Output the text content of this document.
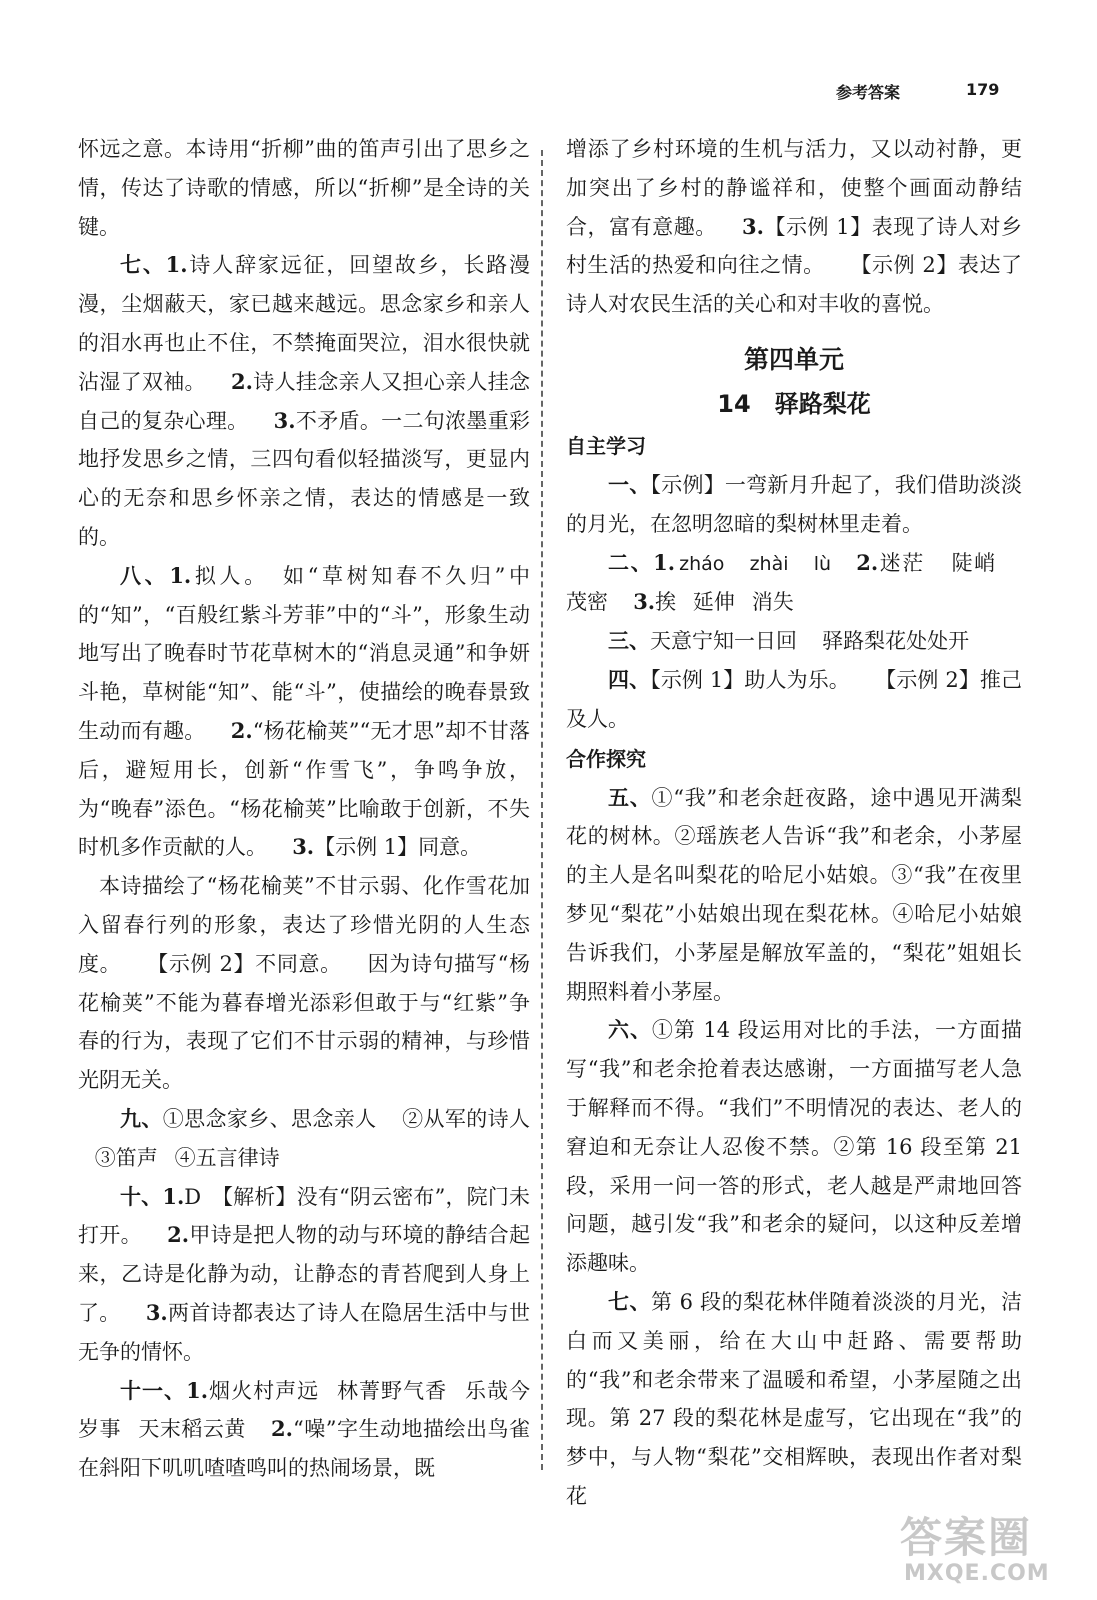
参考答案	179

怀远之意。本诗用“折柳”曲的笛声引出了思乡之情，传达了诗歌的情感，所以“折柳”是全诗的关键。

七、1.诗人辞家远征，回望故乡，长路漫漫，尘烟蔽天，家已越来越远。思念家乡和亲人的泪水再也止不住，不禁掩面哭泣，泪水很快就沾湿了双袖。 2.诗人挂念亲人又担心亲人挂念自己的复杂心理。 3.不矛盾。一二句浓墨重彩地抒发思乡之情，三四句看似轻描淡写，更显内心的无奈和思乡怀亲之情，表达的情感是一致的。

八、1.拟人。　如“草树知春不久归”中的“知”，“百般红紫斗芳菲”中的“斗”，形象生动地写出了晚春时节花草树木的“消息灵通”和争妍斗艳，草树能“知”、能“斗”，使描绘的晚春景致生动而有趣。 2.“杨花榆荚”“无才思”却不甘落后，避短用长，创新“作雪飞”，争鸣争放，为“晚春”添色。“杨花榆荚”比喻敢于创新，不失时机多作贡献的人。 3.【示例 1】同意。

本诗描绘了“杨花榆荚”不甘示弱、化作雪花加入留春行列的形象，表达了珍惜光阴的人生态度。 【示例 2】不同意。 因为诗句描写“杨花榆荚”不能为暮春增光添彩但敢于与“红紫”争春的行为，表现了它们不甘示弱的精神，与珍惜光阴无关。

九、①思念家乡、思念亲人 ②从军的诗人③笛声 ④五言律诗

十、1.D　【解析】没有“阴云密布”，院门未打开。 2.甲诗是把人物的动与环境的静结合起来，乙诗是化静为动，让静态的青苔爬到人身上了。 3.两首诗都表达了诗人在隐居生活中与世无争的情怀。

十一、1.烟火村声远 林菁野气香 乐哉今岁事 天末稻云黄 2.“噪”字生动地描绘出鸟雀在斜阳下叽叽喳喳鸣叫的热闹场景，既

增添了乡村环境的生机与活力，又以动衬静，更加突出了乡村的静谧祥和，使整个画面动静结合，富有意趣。 3.【示例 1】表现了诗人对乡村生活的热爱和向往之情。 【示例 2】表达了诗人对农民生活的关心和对丰收的喜悦。

第四单元
14 驿路梨花
自主学习

一、【示例】一弯新月升起了，我们借助淡淡的月光，在忽明忽暗的梨树林里走着。

二、1. zháo zhài lù 2.迷茫 陡峭茂密 3.挨 延伸 消失

三、天意宁知一日回 驿路梨花处处开

四、【示例 1】助人为乐。 【示例 2】推己及人。

合作探究

五、①“我”和老余赶夜路，途中遇见开满梨花的树林。②瑶族老人告诉“我”和老余，小茅屋的主人是名叫梨花的哈尼小姑娘。③“我”在夜里梦见“梨花”小姑娘出现在梨花林。④哈尼小姑娘告诉我们，小茅屋是解放军盖的，“梨花”姐姐长期照料着小茅屋。

六、①第 14 段运用对比的手法，一方面描写“我”和老余抢着表达感谢，一方面描写老人急于解释而不得。“我们”不明情况的表达、老人的窘迫和无奈让人忍俊不禁。②第 16 段至第 21 段，采用一问一答的形式，老人越是严肃地回答问题，越引发“我”和老余的疑问，以这种反差增添趣味。

七、第 6 段的梨花林伴随着淡淡的月光，洁白而又美丽，给在大山中赶路、需要帮助的“我”和老余带来了温暖和希望，小茅屋随之出现。第 27 段的梨花林是虚写，它出现在“我”的梦中，与人物“梨花”交相辉映，表现出作者对梨花

答案圈
MXQE.COM
